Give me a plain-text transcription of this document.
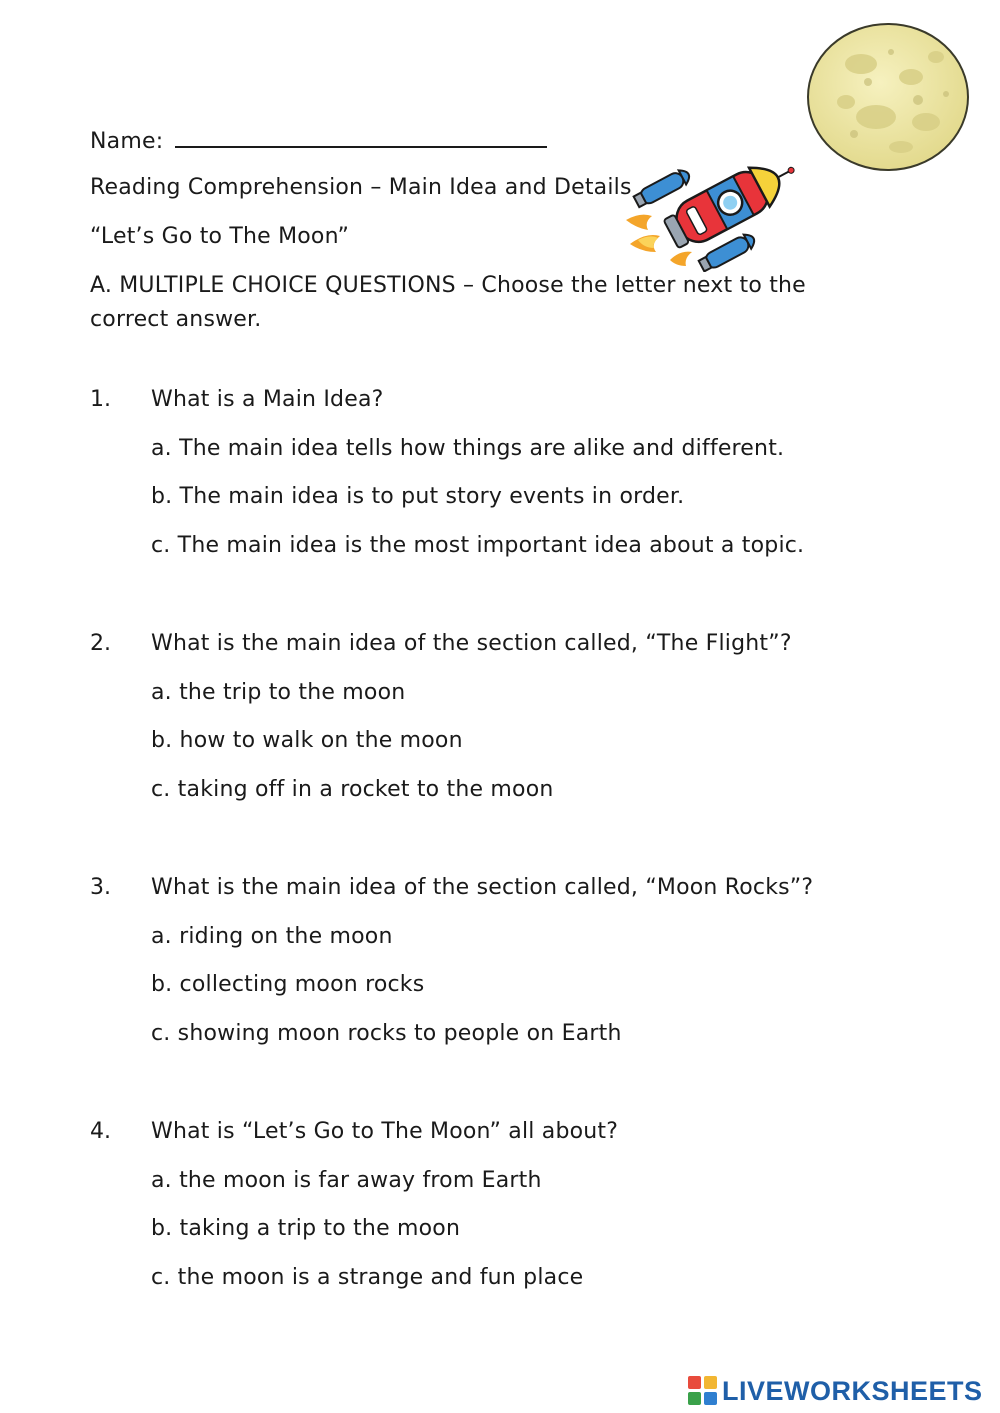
Name:
Reading Comprehension – Main Idea and Details
“Let’s Go to The Moon”
A. MULTIPLE CHOICE QUESTIONS – Choose the letter next to the
correct answer.
1. What is a Main Idea?
a. The main idea tells how things are alike and different.
b. The main idea is to put story events in order.
c. The main idea is the most important idea about a topic.
2. What is the main idea of the section called, “The Flight”?
a. the trip to the moon
b. how to walk on the moon
c. taking off in a rocket to the moon
3. What is the main idea of the section called, “Moon Rocks”?
a. riding on the moon
b. collecting moon rocks
c. showing moon rocks to people on Earth
4. What is “Let’s Go to The Moon” all about?
a. the moon is far away from Earth
b. taking a trip to the moon
c. the moon is a strange and fun place
LIVEWORKSHEETS
